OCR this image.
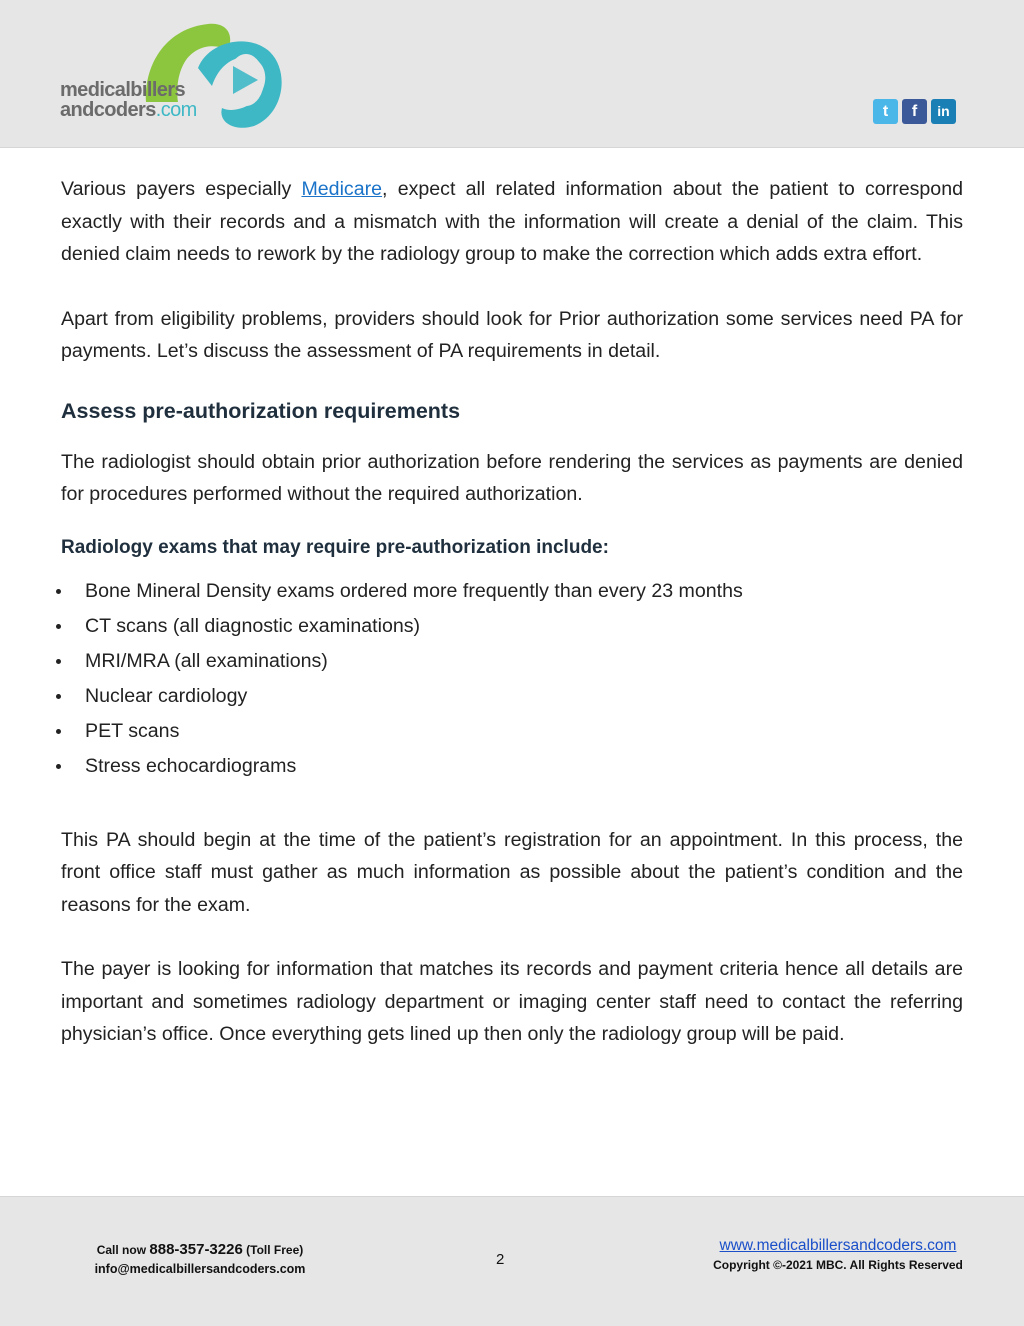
medicalbillers
andcoders.com	t	f	in

Various payers especially Medicare, expect all related information about the patient to correspond exactly with their records and a mismatch with the information will create a denial of the claim. This denied claim needs to rework by the radiology group to make the correction which adds extra effort.

Apart from eligibility problems, providers should look for Prior authorization some services need PA for payments. Let’s discuss the assessment of PA requirements in detail.

Assess pre-authorization requirements

The radiologist should obtain prior authorization before rendering the services as payments are denied for procedures performed without the required authorization.

Radiology exams that may require pre-authorization include:
Bone Mineral Density exams ordered more frequently than every 23 months
CT scans (all diagnostic examinations)
MRI/MRA (all examinations)
Nuclear cardiology
PET scans
Stress echocardiograms

This PA should begin at the time of the patient’s registration for an appointment. In this process, the front office staff must gather as much information as possible about the patient’s condition and the reasons for the exam.

The payer is looking for information that matches its records and payment criteria hence all details are important and sometimes radiology department or imaging center staff need to contact the referring physician’s office. Once everything gets lined up then only the radiology group will be paid.

Call now 888-357-3226 (Toll Free)
info@medicalbillersandcoders.com
2
www.medicalbillersandcoders.com
Copyright ©-2021 MBC. All Rights Reserved
